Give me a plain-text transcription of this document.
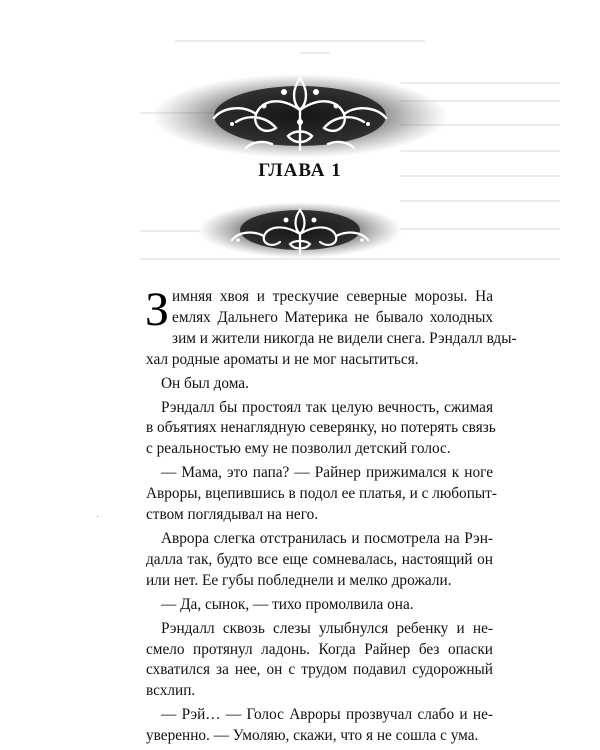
ГЛАВА 1
·
З имняя хвоя и трескучие северные морозы. На
емлях Дальнего Материка не бывало холодных
зим и жители никогда не видели снега. Рэндалл вды-
хал родные ароматы и не мог насытиться.
Он был дома.
Рэндалл бы простоял так целую вечность, сжимая
в объятиях ненаглядную северянку, но потерять связь
с реальностью ему не позволил детский голос.
— Мама, это папа? — Райнер прижимался к ноге
Авроры, вцепившись в подол ее платья, и с любопыт-
ством поглядывал на него.
Аврора слегка отстранилась и посмотрела на Рэн-
далла так, будто все еще сомневалась, настоящий он
или нет. Ее губы побледнели и мелко дрожали.
— Да, сынок, — тихо промолвила она.
Рэндалл сквозь слезы улыбнулся ребенку и не-
смело протянул ладонь. Когда Райнер без опаски
схватился за нее, он с трудом подавил судорожный
всхлип.
— Рэй… — Голос Авроры прозвучал слабо и не-
уверенно. — Умоляю, скажи, что я не сошла с ума.
